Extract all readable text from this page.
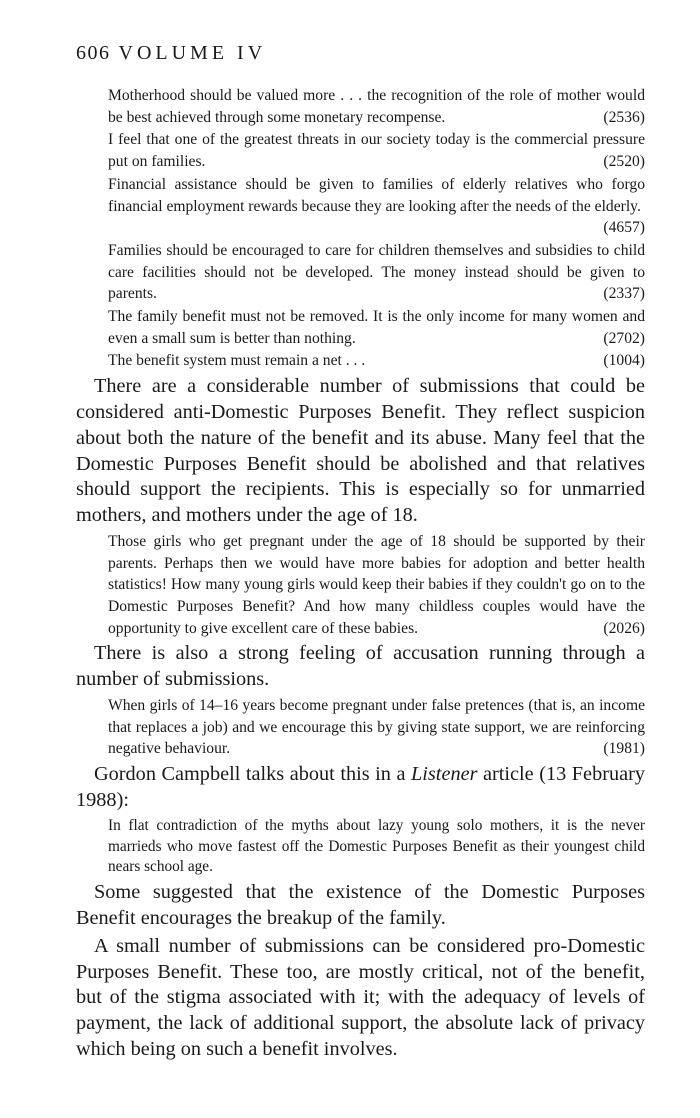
606 VOLUME IV
Motherhood should be valued more . . . the recognition of the role of mother would be best achieved through some monetary recompense.	(2536)
I feel that one of the greatest threats in our society today is the commercial pressure put on families.	(2520)
Financial assistance should be given to families of elderly relatives who forgo financial employment rewards because they are looking after the needs of the elderly.
(4657)
Families should be encouraged to care for children themselves and subsidies to child care facilities should not be developed. The money instead should be given to parents.	(2337)
The family benefit must not be removed. It is the only income for many women and even a small sum is better than nothing.	(2702)
The benefit system must remain a net . . .	(1004)

There are a considerable number of submissions that could be considered anti-Domestic Purposes Benefit. They reflect suspicion about both the nature of the benefit and its abuse. Many feel that the Domestic Purposes Benefit should be abolished and that relatives should support the recipients. This is especially so for unmarried mothers, and mothers under the age of 18.

Those girls who get pregnant under the age of 18 should be supported by their parents. Perhaps then we would have more babies for adoption and better health statistics! How many young girls would keep their babies if they couldn't go on to the Domestic Purposes Benefit? And how many childless couples would have the opportunity to give excellent care of these babies.	(2026)

There is also a strong feeling of accusation running through a number of submissions.

When girls of 14–16 years become pregnant under false pretences (that is, an income that replaces a job) and we encourage this by giving state support, we are reinforcing negative behaviour.	(1981)

Gordon Campbell talks about this in a Listener article (13 February 1988):

In flat contradiction of the myths about lazy young solo mothers, it is the never marrieds who move fastest off the Domestic Purposes Benefit as their youngest child nears school age.

Some suggested that the existence of the Domestic Purposes Benefit encourages the breakup of the family.

A small number of submissions can be considered pro-Domestic Purposes Benefit. These too, are mostly critical, not of the benefit, but of the stigma associated with it; with the adequacy of levels of payment, the lack of additional support, the absolute lack of privacy which being on such a benefit involves.
